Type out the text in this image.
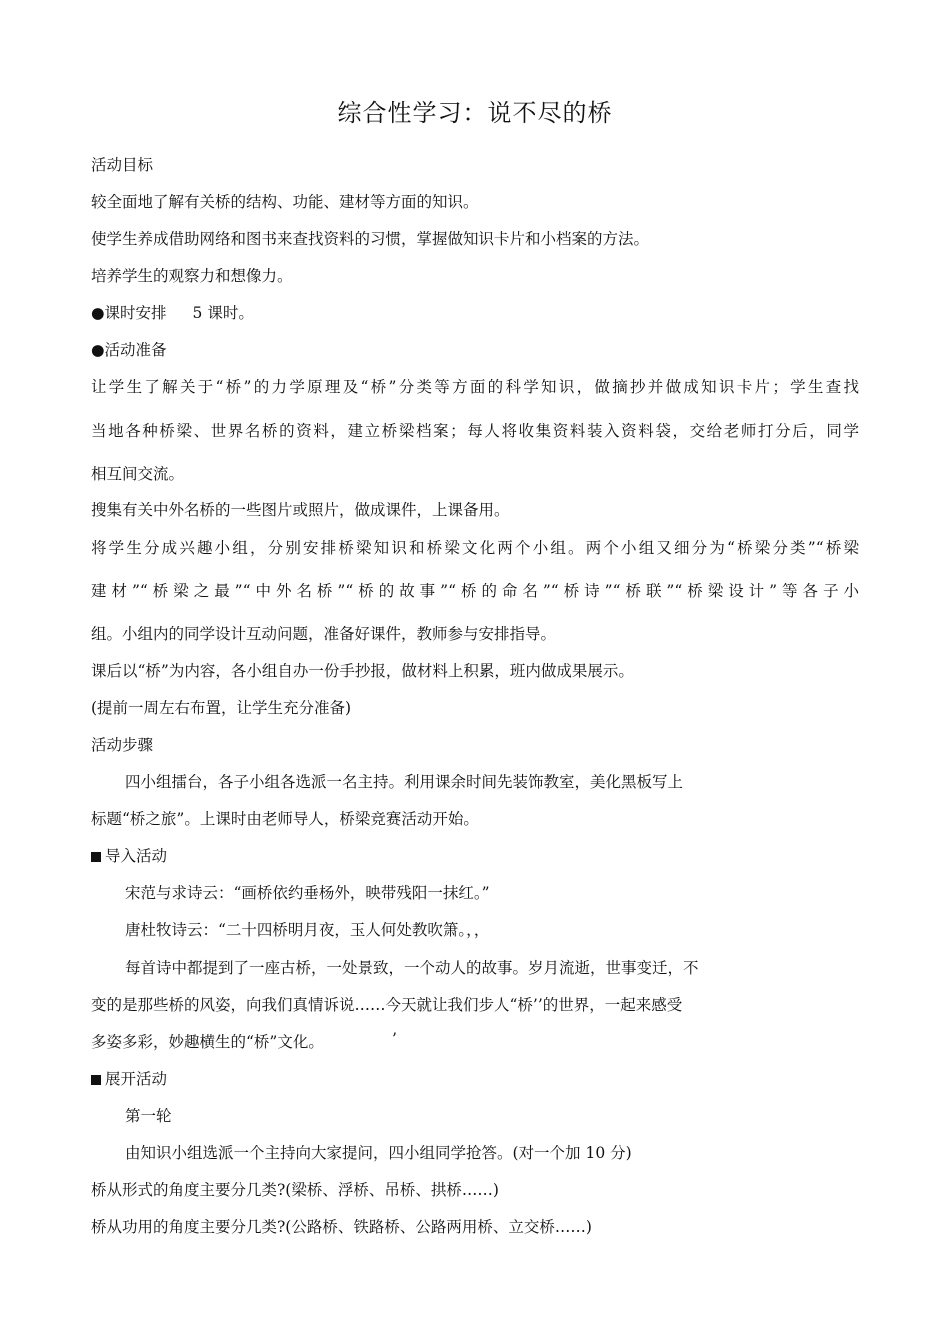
综合性学习：说不尽的桥
活动目标
较全面地了解有关桥的结构、功能、建材等方面的知识。
使学生养成借助网络和图书来查找资料的习惯，掌握做知识卡片和小档案的方法。
培养学生的观察力和想像力。
●课时安排 5 课时。
●活动准备
让学生了解关于“桥”的力学原理及“桥”分类等方面的科学知识，做摘抄并做成知识卡片；学生查找
当地各种桥梁、世界名桥的资料，建立桥梁档案；每人将收集资料装入资料袋，交给老师打分后，同学
相互间交流。
搜集有关中外名桥的一些图片或照片，做成课件，上课备用。
将学生分成兴趣小组，分别安排桥梁知识和桥梁文化两个小组。两个小组又细分为“桥梁分类”“桥梁
建材”“桥梁之最”“中外名桥”“桥的故事”“桥的命名”“桥诗”“桥联”“桥梁设计”等各子小
组。小组内的同学设计互动问题，准备好课件，教师参与安排指导。
课后以“桥”为内容，各小组自办一份手抄报，做材料上积累，班内做成果展示。
(提前一周左右布置，让学生充分准备)
活动步骤
四小组擂台，各子小组各选派一名主持。利用课余时间先装饰教室，美化黑板写上
标题“桥之旅”。上课时由老师导人，桥梁竞赛活动开始。
导入活动
宋范与求诗云：“画桥依约垂杨外，映带残阳一抹红。”
唐杜牧诗云：“二十四桥明月夜，玉人何处教吹箫。，，
每首诗中都提到了一座古桥，一处景致，一个动人的故事。岁月流逝，世事变迁，不
变的是那些桥的风姿，向我们真情诉说……今天就让我们步人“桥’’的世界，一起来感受
多姿多彩，妙趣横生的“桥”文化。	’
展开活动
第一轮
由知识小组选派一个主持向大家提问，四小组同学抢答。(对一个加 10 分)
桥从形式的角度主要分几类?(梁桥、浮桥、吊桥、拱桥……)
桥从功用的角度主要分几类?(公路桥、铁路桥、公路两用桥、立交桥……)
